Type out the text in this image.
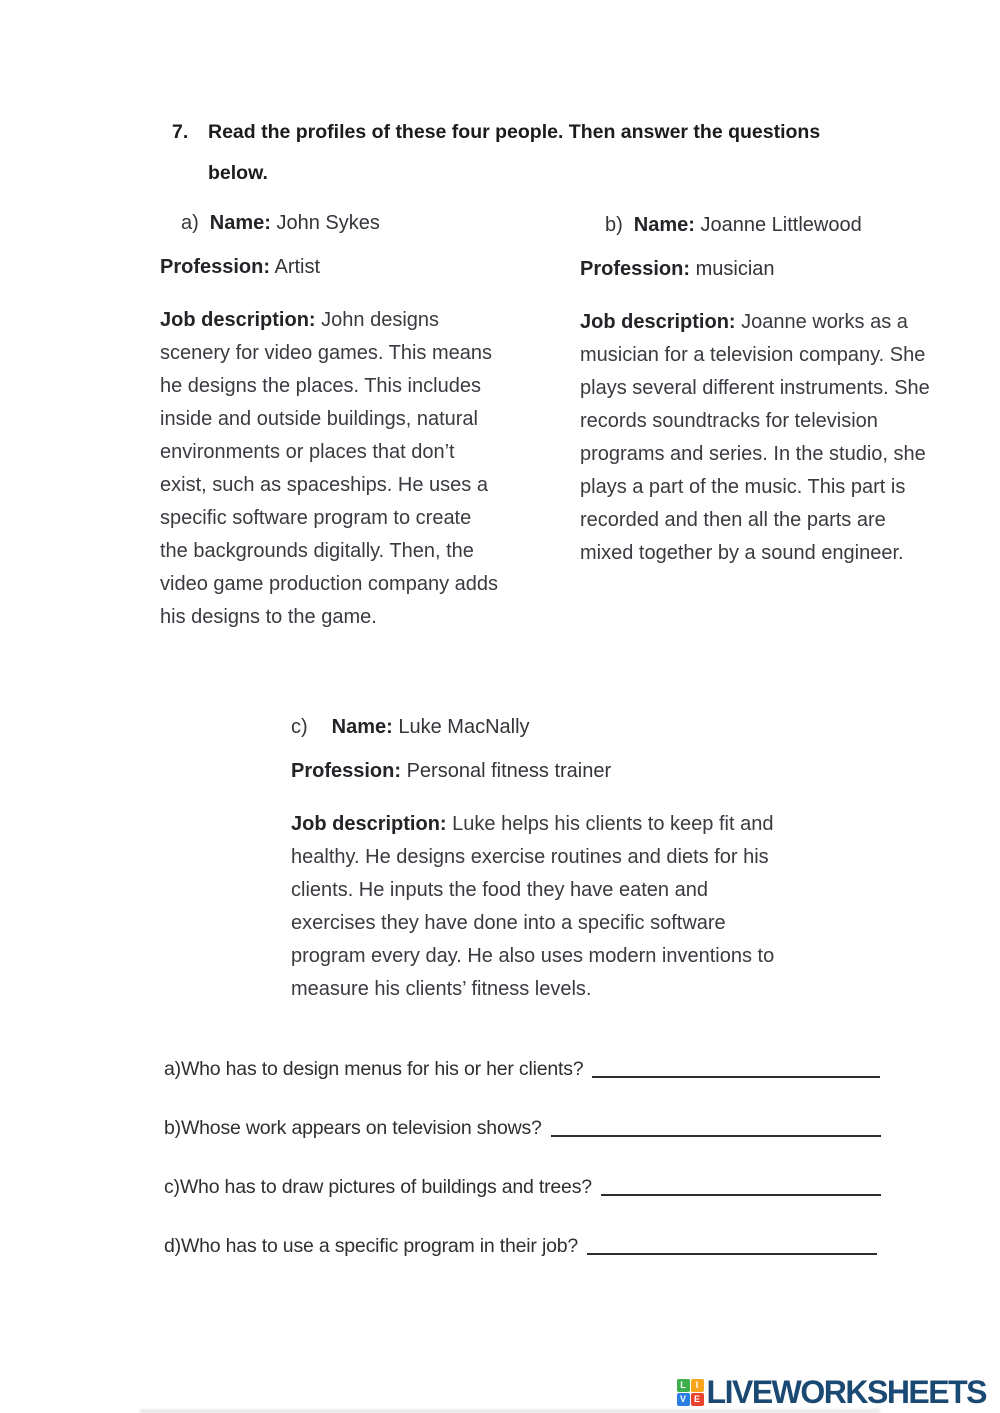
7.	Read the profiles of these four people. Then answer the questions
below.
a) Name: John Sykes
Profession: Artist

Job description: John designs scenery for video games. This means he designs the places. This includes inside and outside buildings, natural environments or places that don’t exist, such as spaceships. He uses a specific software program to create the backgrounds digitally. Then, the video game production company adds his designs to the game.

b) Name: Joanne Littlewood
Profession: musician

Job description: Joanne works as a musician for a television company. She plays several different instruments. She records soundtracks for television programs and series. In the studio, she plays a part of the music. This part is recorded and then all the parts are mixed together by a sound engineer.

c) Name: Luke MacNally
Profession: Personal fitness trainer

Job description: Luke helps his clients to keep fit and healthy. He designs exercise routines and diets for his clients. He inputs the food they have eaten and exercises they have done into a specific software program every day. He also uses modern inventions to measure his clients’ fitness levels.

a)Who has to design menus for his or her clients?
b)Whose work appears on television shows?
c)Who has to draw pictures of buildings and trees?
d)Who has to use a specific program in their job?
L	I
V E LIVEWORKSHEETS
